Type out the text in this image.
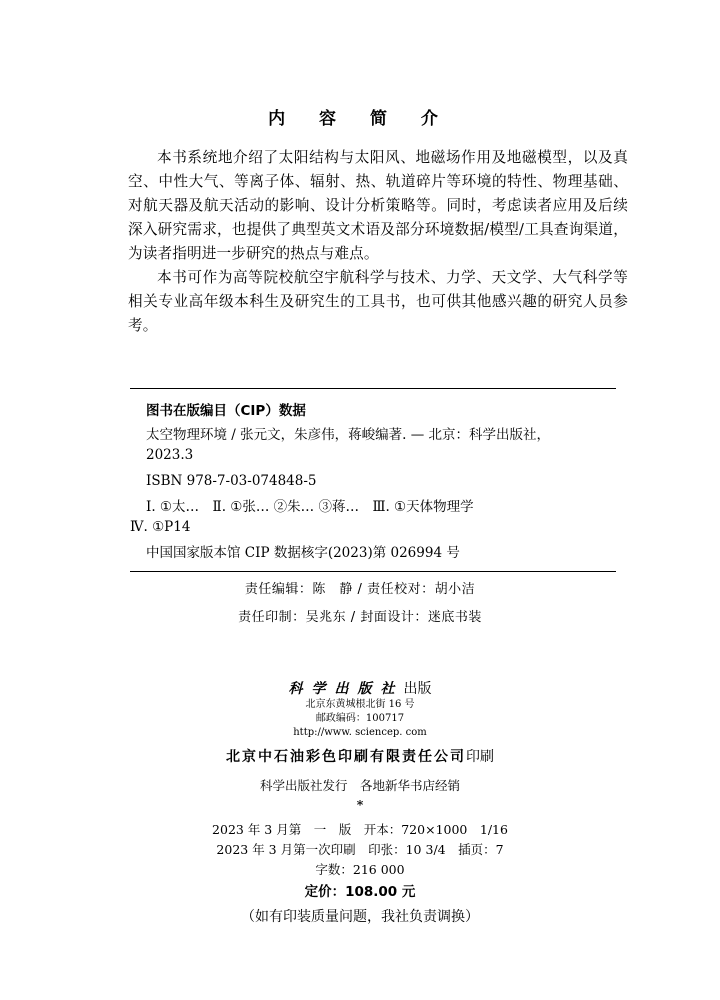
内 容 简 介

本书系统地介绍了太阳结构与太阳风、地磁场作用及地磁模型，以及真空、中性大气、等离子体、辐射、热、轨道碎片等环境的特性、物理基础、对航天器及航天活动的影响、设计分析策略等。同时，考虑读者应用及后续深入研究需求，也提供了典型英文术语及部分环境数据/模型/工具查询渠道，为读者指明进一步研究的热点与难点。

本书可作为高等院校航空宇航科学与技术、力学、天文学、大气科学等相关专业高年级本科生及研究生的工具书，也可供其他感兴趣的研究人员参考。

图书在版编目（CIP）数据
太空物理环境 / 张元文，朱彦伟，蒋峻编著. — 北京：科学出版社，
2023.3
ISBN 978-7-03-074848-5
Ⅰ. ①太…　Ⅱ. ①张… ②朱… ③蒋…　Ⅲ. ①天体物理学
Ⅳ. ①P14
中国国家版本馆 CIP 数据核字(2023)第 026994 号
责任编辑：陈　静 / 责任校对：胡小洁
责任印制：吴兆东 / 封面设计：迷底书装
科学出版社出版
北京东黄城根北街 16 号
邮政编码：100717
http://www. sciencep. com
北京中石油彩色印刷有限责任公司印刷
科学出版社发行　各地新华书店经销
*
2023 年 3 月第　一　版　开本：720×1000　1/16
2023 年 3 月第一次印刷　印张：10 3/4　插页：7
字数：216 000
定价：108.00 元
（如有印装质量问题，我社负责调换）
